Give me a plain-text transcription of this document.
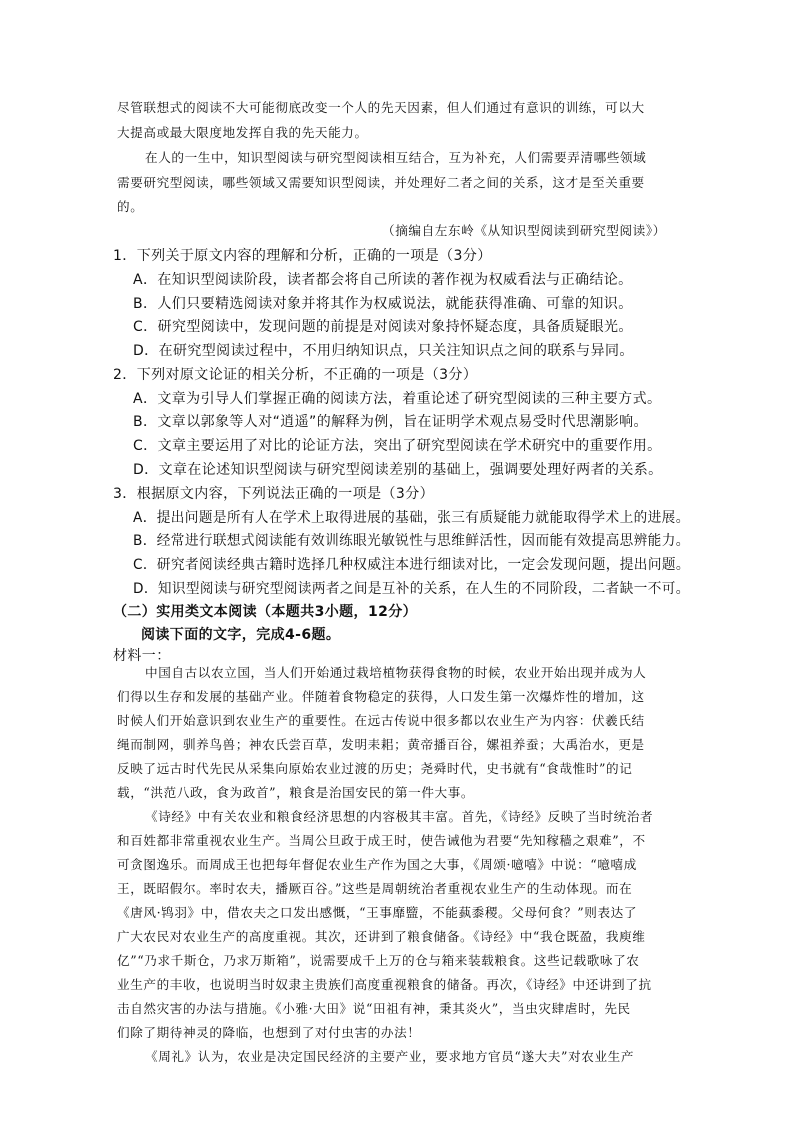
尽管联想式的阅读不大可能彻底改变一个人的先天因素，但人们通过有意识的训练，可以大

大提高或最大限度地发挥自我的先天能力。

在人的一生中，知识型阅读与研究型阅读相互结合，互为补充，人们需要弄清哪些领域

需要研究型阅读，哪些领域又需要知识型阅读，并处理好二者之间的关系，这才是至关重要

的。

（摘编自左东岭《从知识型阅读到研究型阅读》）

1．下列关于原文内容的理解和分析，正确的一项是（3分）

A．在知识型阅读阶段，读者都会将自己所读的著作视为权威看法与正确结论。

B．人们只要精选阅读对象并将其作为权威说法，就能获得准确、可靠的知识。

C．研究型阅读中，发现问题的前提是对阅读对象持怀疑态度，具备质疑眼光。

D．在研究型阅读过程中，不用归纳知识点，只关注知识点之间的联系与异同。

2．下列对原文论证的相关分析，不正确的一项是（3分）

A．文章为引导人们掌握正确的阅读方法，着重论述了研究型阅读的三种主要方式。

B．文章以郭象等人对“逍遥”的解释为例，旨在证明学术观点易受时代思潮影响。

C．文章主要运用了对比的论证方法，突出了研究型阅读在学术研究中的重要作用。

D．文章在论述知识型阅读与研究型阅读差别的基础上，强调要处理好两者的关系。

3．根据原文内容，下列说法正确的一项是（3分）

A．提出问题是所有人在学术上取得进展的基础，张三有质疑能力就能取得学术上的进展。

B．经常进行联想式阅读能有效训练眼光敏锐性与思维鲜活性，因而能有效提高思辨能力。

C．研究者阅读经典古籍时选择几种权威注本进行细读对比，一定会发现问题，提出问题。

D．知识型阅读与研究型阅读两者之间是互补的关系，在人生的不同阶段，二者缺一不可。

（二）实用类文本阅读（本题共3小题，12分）

阅读下面的文字，完成4-6题。

材料一：

中国自古以农立国，当人们开始通过栽培植物获得食物的时候，农业开始出现并成为人

们得以生存和发展的基础产业。伴随着食物稳定的获得，人口发生第一次爆炸性的增加，这

时候人们开始意识到农业生产的重要性。在远古传说中很多都以农业生产为内容：伏羲氏结

绳而制网，驯养鸟兽；神农氏尝百草，发明耒耜；黄帝播百谷，嫘祖养蚕；大禹治水，更是

反映了远古时代先民从采集向原始农业过渡的历史；尧舜时代，史书就有“食哉惟时”的记

载，“洪范八政，食为政首”，粮食是治国安民的第一件大事。

《诗经》中有关农业和粮食经济思想的内容极其丰富。首先，《诗经》反映了当时统治者

和百姓都非常重视农业生产。当周公旦政于成王时，使告诫他为君要“先知稼穑之艰难”，不

可贪图逸乐。而周成王也把每年督促农业生产作为国之大事，《周颂·噫嘻》中说：“噫嘻成

王，既昭假尔。率时农夫，播厥百谷。”这些是周朝统治者重视农业生产的生动体现。而在

《唐风·鸨羽》中，借农夫之口发出感慨，“王事靡盬，不能蓺黍稷。父母何食？”则表达了

广大农民对农业生产的高度重视。其次，还讲到了粮食储备。《诗经》中“我仓既盈，我庾维

亿”“乃求千斯仓，乃求万斯箱”，说需要成千上万的仓与箱来装载粮食。这些记载歌咏了农

业生产的丰收，也说明当时奴隶主贵族们高度重视粮食的储备。再次，《诗经》中还讲到了抗

击自然灾害的办法与措施。《小雅·大田》说“田祖有神，秉其炎火”，当虫灾肆虐时，先民

们除了期待神灵的降临，也想到了对付虫害的办法！

《周礼》认为，农业是决定国民经济的主要产业，要求地方官员“遂大夫”对农业生产
